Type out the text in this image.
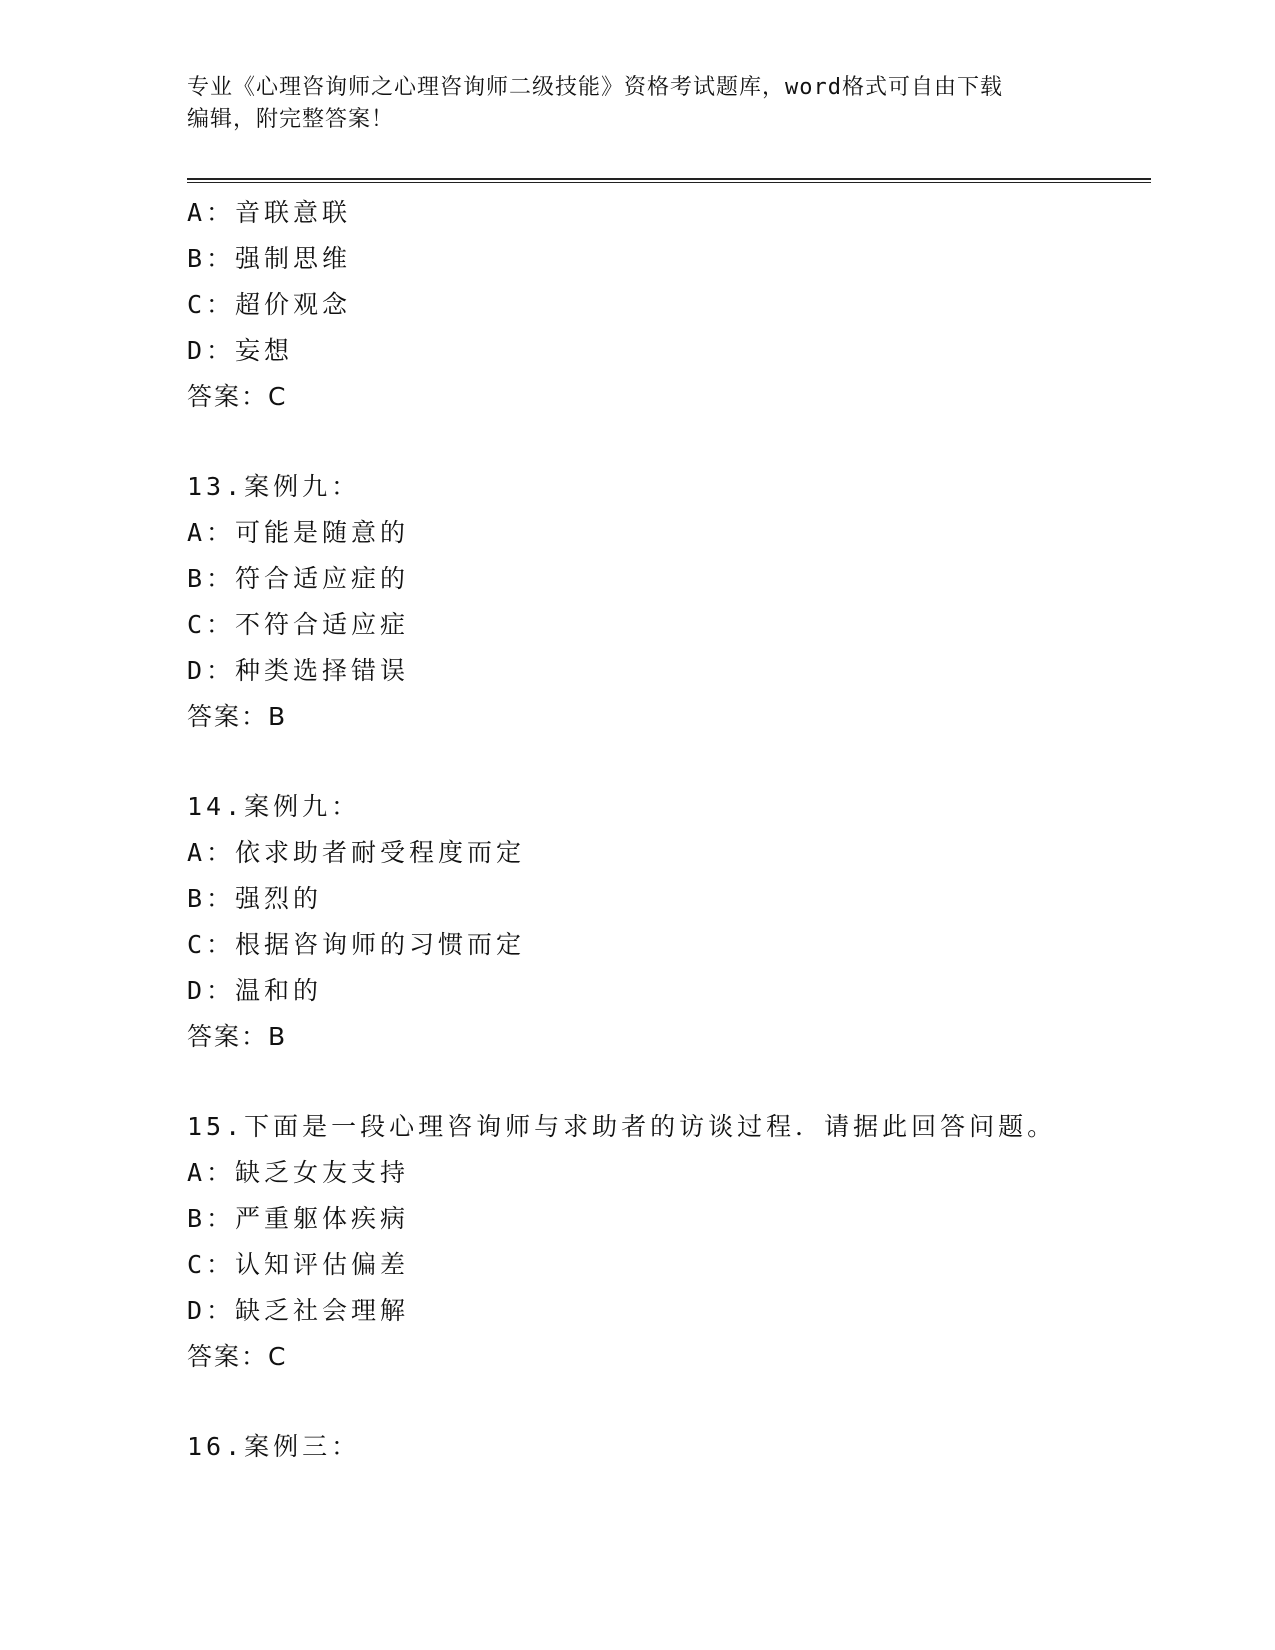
专业《心理咨询师之心理咨询师二级技能》资格考试题库，word格式可自由下载
编辑，附完整答案！
A：音联意联
B：强制思维
C：超价观念
D：妄想
答案：C
13.案例九：
A：可能是随意的
B：符合适应症的
C：不符合适应症
D：种类选择错误
答案：B
14.案例九：
A：依求助者耐受程度而定
B：强烈的
C：根据咨询师的习惯而定
D：温和的
答案：B
15.下面是一段心理咨询师与求助者的访谈过程．请据此回答问题。
A：缺乏女友支持
B：严重躯体疾病
C：认知评估偏差
D：缺乏社会理解
答案：C
16.案例三：
